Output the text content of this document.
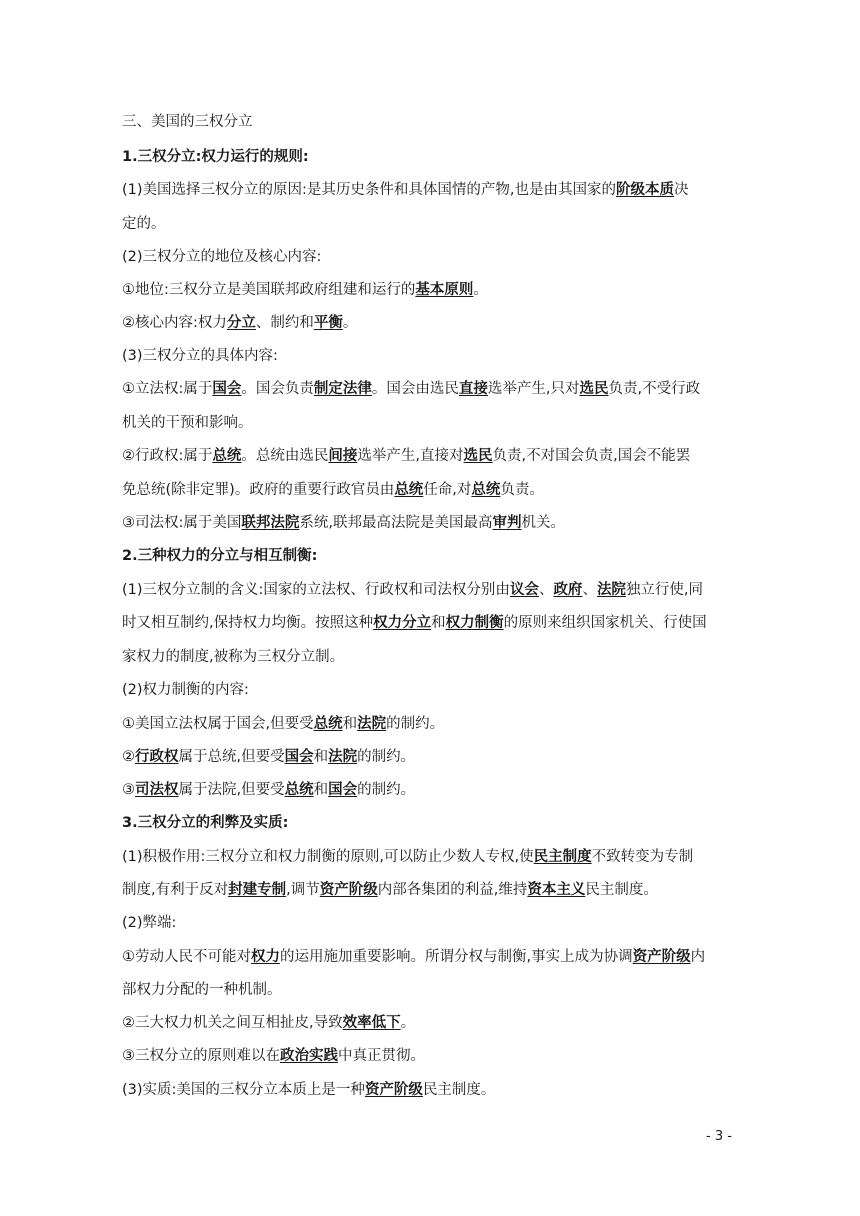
三、美国的三权分立
1.三权分立:权力运行的规则:
(1)美国选择三权分立的原因:是其历史条件和具体国情的产物,也是由其国家的阶级本质决
定的。
(2)三权分立的地位及核心内容:
①地位:三权分立是美国联邦政府组建和运行的基本原则。
②核心内容:权力分立、制约和平衡。
(3)三权分立的具体内容:
①立法权:属于国会。国会负责制定法律。国会由选民直接选举产生,只对选民负责,不受行政
机关的干预和影响。
②行政权:属于总统。总统由选民间接选举产生,直接对选民负责,不对国会负责,国会不能罢
免总统(除非定罪)。政府的重要行政官员由总统任命,对总统负责。
③司法权:属于美国联邦法院系统,联邦最高法院是美国最高审判机关。
2.三种权力的分立与相互制衡:
(1)三权分立制的含义:国家的立法权、行政权和司法权分别由议会、政府、法院独立行使,同
时又相互制约,保持权力均衡。按照这种权力分立和权力制衡的原则来组织国家机关、行使国
家权力的制度,被称为三权分立制。
(2)权力制衡的内容:
①美国立法权属于国会,但要受总统和法院的制约。
②行政权属于总统,但要受国会和法院的制约。
③司法权属于法院,但要受总统和国会的制约。
3.三权分立的利弊及实质:
(1)积极作用:三权分立和权力制衡的原则,可以防止少数人专权,使民主制度不致转变为专制
制度,有利于反对封建专制,调节资产阶级内部各集团的利益,维持资本主义民主制度。
(2)弊端:
①劳动人民不可能对权力的运用施加重要影响。所谓分权与制衡,事实上成为协调资产阶级内
部权力分配的一种机制。
②三大权力机关之间互相扯皮,导致效率低下。
③三权分立的原则难以在政治实践中真正贯彻。
(3)实质:美国的三权分立本质上是一种资产阶级民主制度。
- 3 -
